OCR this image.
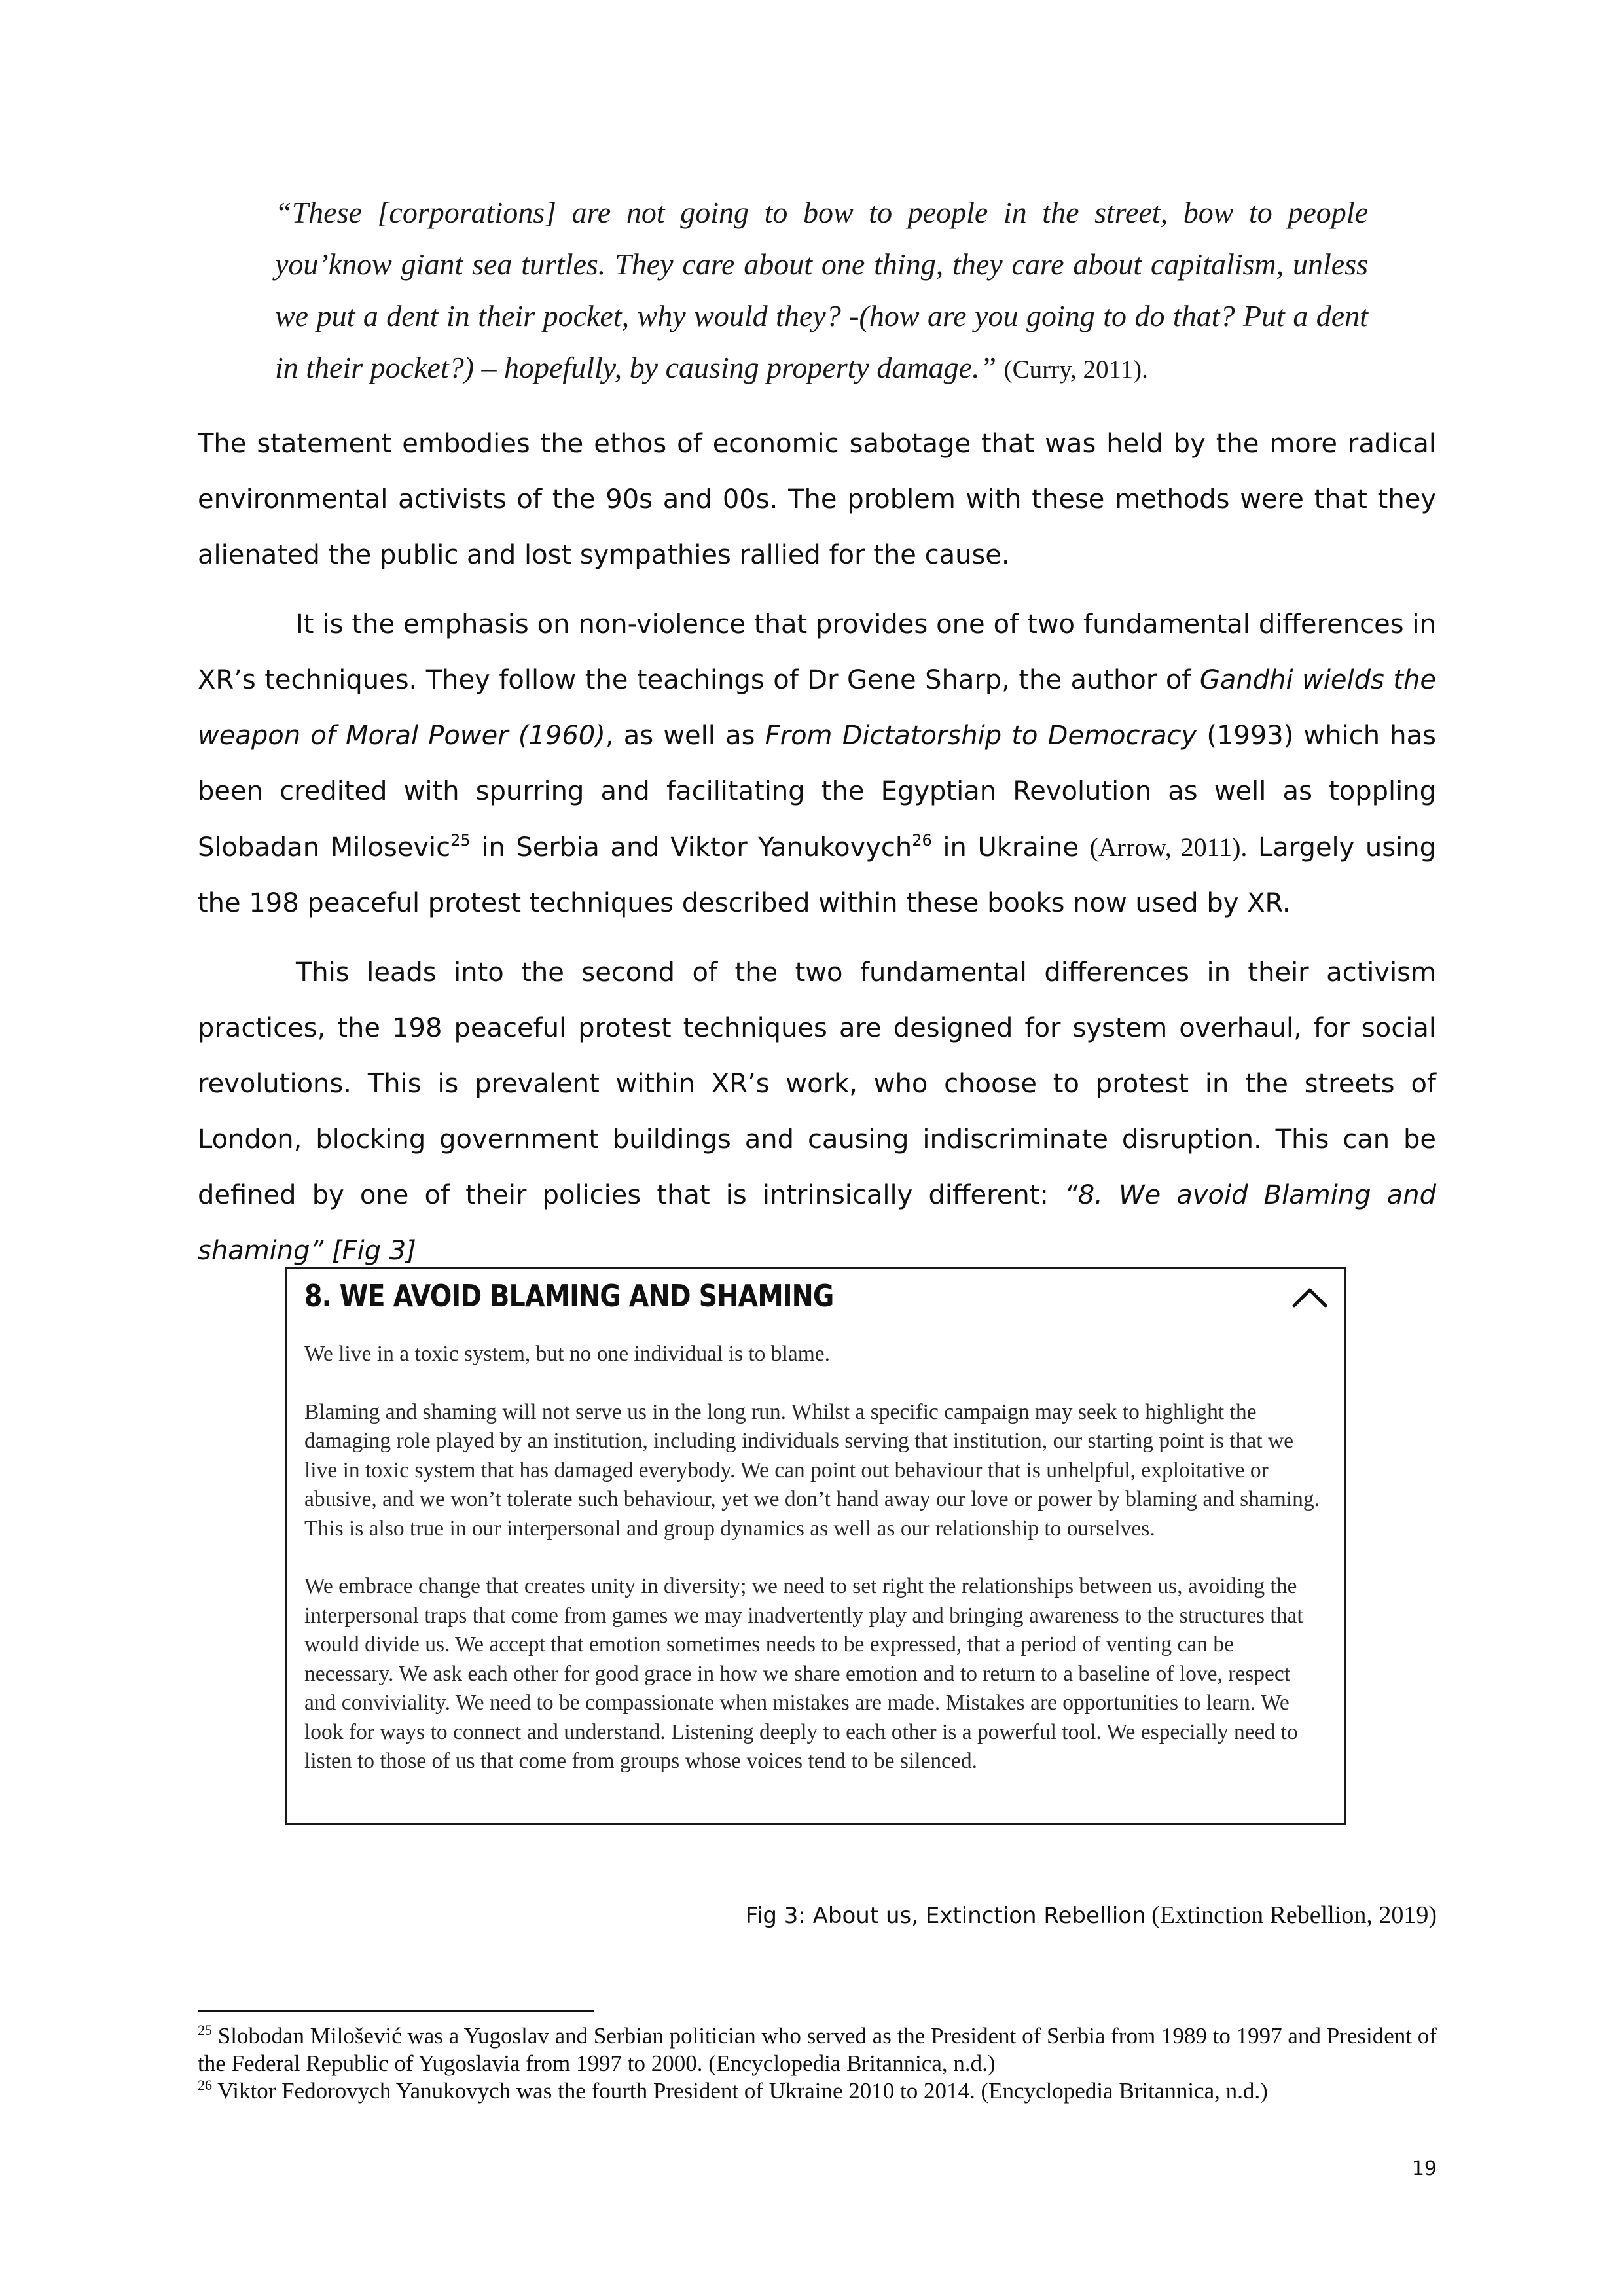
“These [corporations] are not going to bow to people in the street, bow to people you’know giant sea turtles. They care about one thing, they care about capitalism, unless we put a dent in their pocket, why would they? -(how are you going to do that? Put a dent in their pocket?) – hopefully, by causing property damage.” (Curry, 2011).
The statement embodies the ethos of economic sabotage that was held by the more radical environmental activists of the 90s and 00s. The problem with these methods were that they alienated the public and lost sympathies rallied for the cause.
It is the emphasis on non-violence that provides one of two fundamental differences in XR’s techniques. They follow the teachings of Dr Gene Sharp, the author of Gandhi wields the weapon of Moral Power (1960), as well as From Dictatorship to Democracy (1993) which has been credited with spurring and facilitating the Egyptian Revolution as well as toppling Slobadan Milosevic$^{25}$ in Serbia and Viktor Yanukovych$^{26}$ in Ukraine (Arrow, 2011). Largely using the 198 peaceful protest techniques described within these books now used by XR.
This leads into the second of the two fundamental differences in their activism practices, the 198 peaceful protest techniques are designed for system overhaul, for social revolutions. This is prevalent within XR’s work, who choose to protest in the streets of London, blocking government buildings and causing indiscriminate disruption. This can be defined by one of their policies that is intrinsically different: “8. We avoid Blaming and shaming” [Fig 3]
8. WE AVOID BLAMING AND SHAMING

We live in a toxic system, but no one individual is to blame.

Blaming and shaming will not serve us in the long run. Whilst a specific campaign may seek to highlight the damaging role played by an institution, including individuals serving that institution, our starting point is that we live in toxic system that has damaged everybody. We can point out behaviour that is unhelpful, exploitative or abusive, and we won’t tolerate such behaviour, yet we don’t hand away our love or power by blaming and shaming. This is also true in our interpersonal and group dynamics as well as our relationship to ourselves.

We embrace change that creates unity in diversity; we need to set right the relationships between us, avoiding the interpersonal traps that come from games we may inadvertently play and bringing awareness to the structures that would divide us. We accept that emotion sometimes needs to be expressed, that a period of venting can be necessary. We ask each other for good grace in how we share emotion and to return to a baseline of love, respect and conviviality. We need to be compassionate when mistakes are made. Mistakes are opportunities to learn. We look for ways to connect and understand. Listening deeply to each other is a powerful tool. We especially need to listen to those of us that come from groups whose voices tend to be silenced.

Fig 3: About us, Extinction Rebellion (Extinction Rebellion, 2019)

$^{25}$ Slobodan Milošević was a Yugoslav and Serbian politician who served as the President of Serbia from 1989 to 1997 and President of the Federal Republic of Yugoslavia from 1997 to 2000. (Encyclopedia Britannica, n.d.)

$^{26}$ Viktor Fedorovych Yanukovych was the fourth President of Ukraine 2010 to 2014. (Encyclopedia Britannica, n.d.)

19
